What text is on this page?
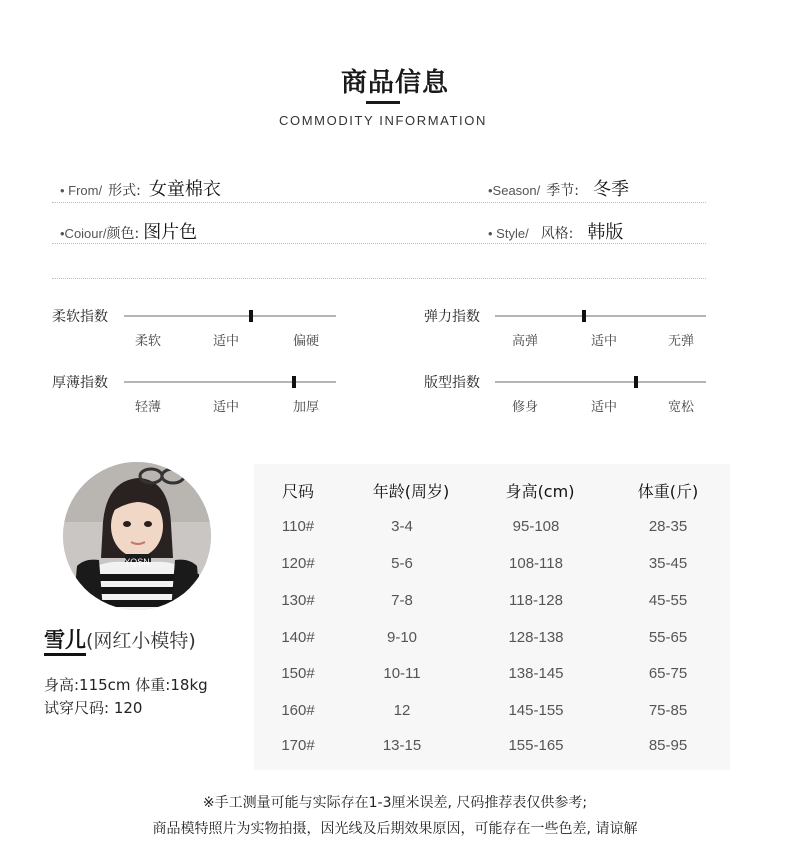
商品信息
COMMODITY INFORMATION
• From/ 形式: 女童棉衣	•Season/ 季节: 冬季
•Coiour/ 颜色: 图片色	• Style/ 风格: 韩版
柔软指数
柔软	适中	偏硬
弹力指数
高弹	适中	无弹
厚薄指数
轻薄	适中	加厚
版型指数
修身	适中	宽松
YQSN
雪儿(网红小模特)
身高:115cm 体重:18kg
试穿尺码: 120
尺码	年龄(周岁)	身高(cm)	体重(斤)
110#	3-4	95-108	28-35
120#	5-6	108-118	35-45
130#	7-8	118-128	45-55
140#	9-10	128-138	55-65
150#	10-11	138-145	65-75
160#	12	145-155	75-85
170#	13-15	155-165	85-95
※手工测量可能与实际存在1-3厘米误差, 尺码推荐表仅供参考;
商品模特照片为实物拍摄，因光线及后期效果原因，可能存在一些色差, 请谅解
